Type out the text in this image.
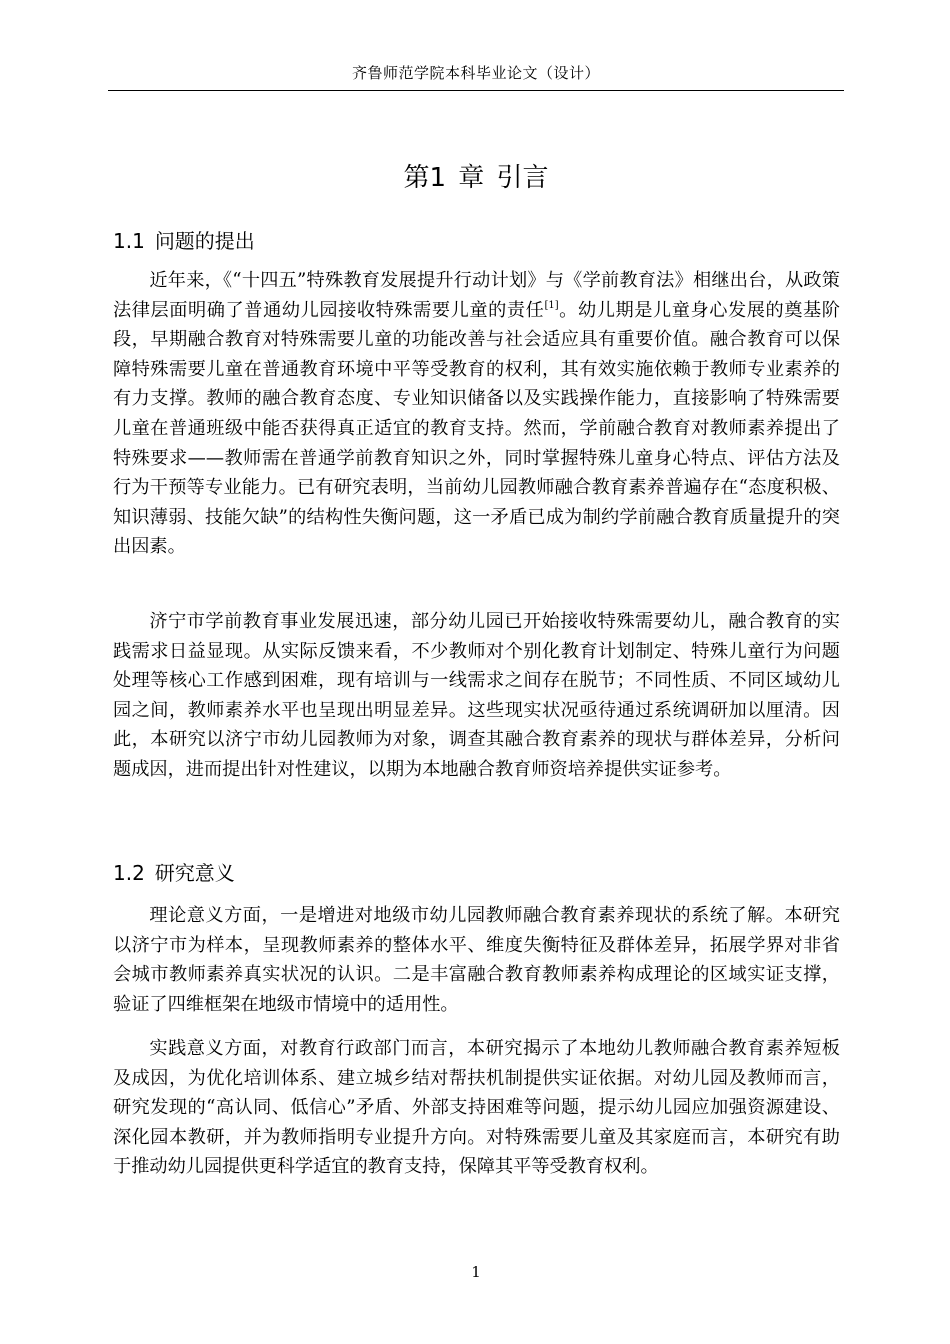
齐鲁师范学院本科毕业论文（设计）
第1 章 引言
1.1 问题的提出

近年来，《“十四五”特殊教育发展提升行动计划》与《学前教育法》相继出台，从政策法律层面明确了普通幼儿园接收特殊需要儿童的责任[1]。幼儿期是儿童身心发展的奠基阶段，早期融合教育对特殊需要儿童的功能改善与社会适应具有重要价值。融合教育可以保障特殊需要儿童在普通教育环境中平等受教育的权利，其有效实施依赖于教师专业素养的有力支撑。教师的融合教育态度、专业知识储备以及实践操作能力，直接影响了特殊需要儿童在普通班级中能否获得真正适宜的教育支持。然而，学前融合教育对教师素养提出了特殊要求——教师需在普通学前教育知识之外，同时掌握特殊儿童身心特点、评估方法及行为干预等专业能力。已有研究表明，当前幼儿园教师融合教育素养普遍存在“态度积极、知识薄弱、技能欠缺”的结构性失衡问题，这一矛盾已成为制约学前融合教育质量提升的突出因素。

济宁市学前教育事业发展迅速，部分幼儿园已开始接收特殊需要幼儿，融合教育的实践需求日益显现。从实际反馈来看，不少教师对个别化教育计划制定、特殊儿童行为问题处理等核心工作感到困难，现有培训与一线需求之间存在脱节；不同性质、不同区域幼儿园之间，教师素养水平也呈现出明显差异。这些现实状况亟待通过系统调研加以厘清。因此，本研究以济宁市幼儿园教师为对象，调查其融合教育素养的现状与群体差异，分析问题成因，进而提出针对性建议，以期为本地融合教育师资培养提供实证参考。

1.2 研究意义

理论意义方面，一是增进对地级市幼儿园教师融合教育素养现状的系统了解。本研究以济宁市为样本，呈现教师素养的整体水平、维度失衡特征及群体差异，拓展学界对非省会城市教师素养真实状况的认识。二是丰富融合教育教师素养构成理论的区域实证支撑，验证了四维框架在地级市情境中的适用性。

实践意义方面，对教育行政部门而言，本研究揭示了本地幼儿教师融合教育素养短板及成因，为优化培训体系、建立城乡结对帮扶机制提供实证依据。对幼儿园及教师而言，研究发现的“高认同、低信心”矛盾、外部支持困难等问题，提示幼儿园应加强资源建设、深化园本教研，并为教师指明专业提升方向。对特殊需要儿童及其家庭而言，本研究有助于推动幼儿园提供更科学适宜的教育支持，保障其平等受教育权利。

1
